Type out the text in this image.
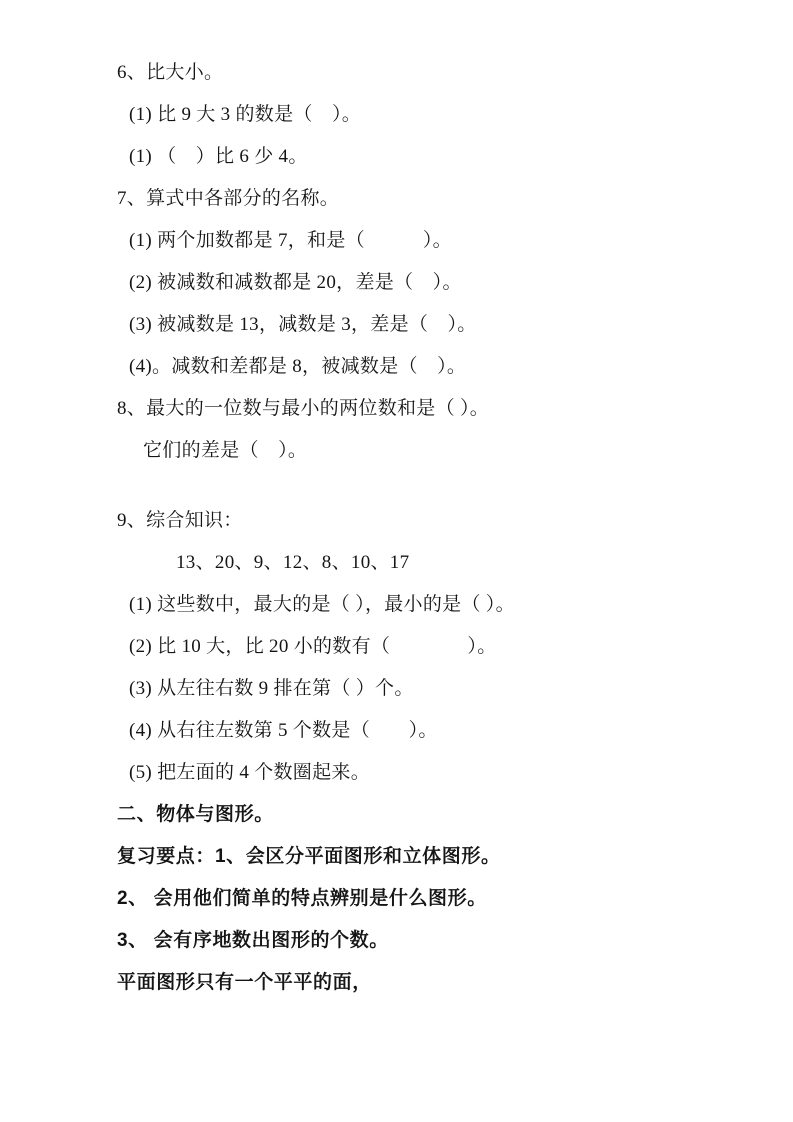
6、比大小。
(1) 比 9 大 3 的数是（　）。
(1) （　）比 6 少 4。
7、算式中各部分的名称。
(1) 两个加数都是 7，和是（　　　）。
(2) 被减数和减数都是 20，差是（　）。
(3) 被减数是 13，减数是 3，差是（　）。
(4)。减数和差都是 8，被减数是（　）。
8、最大的一位数与最小的两位数和是（ ）。
它们的差是（　）。
9、综合知识：
13、20、9、12、8、10、17
(1) 这些数中，最大的是（ ），最小的是（ ）。
(2) 比 10 大，比 20 小的数有（　　　　）。
(3) 从左往右数 9 排在第（ ）个。
(4) 从右往左数第 5 个数是（　　）。
(5) 把左面的 4 个数圈起来。
二、物体与图形。
复习要点：1、会区分平面图形和立体图形。
2、 会用他们简单的特点辨别是什么图形。
3、 会有序地数出图形的个数。
平面图形只有一个平平的面，
